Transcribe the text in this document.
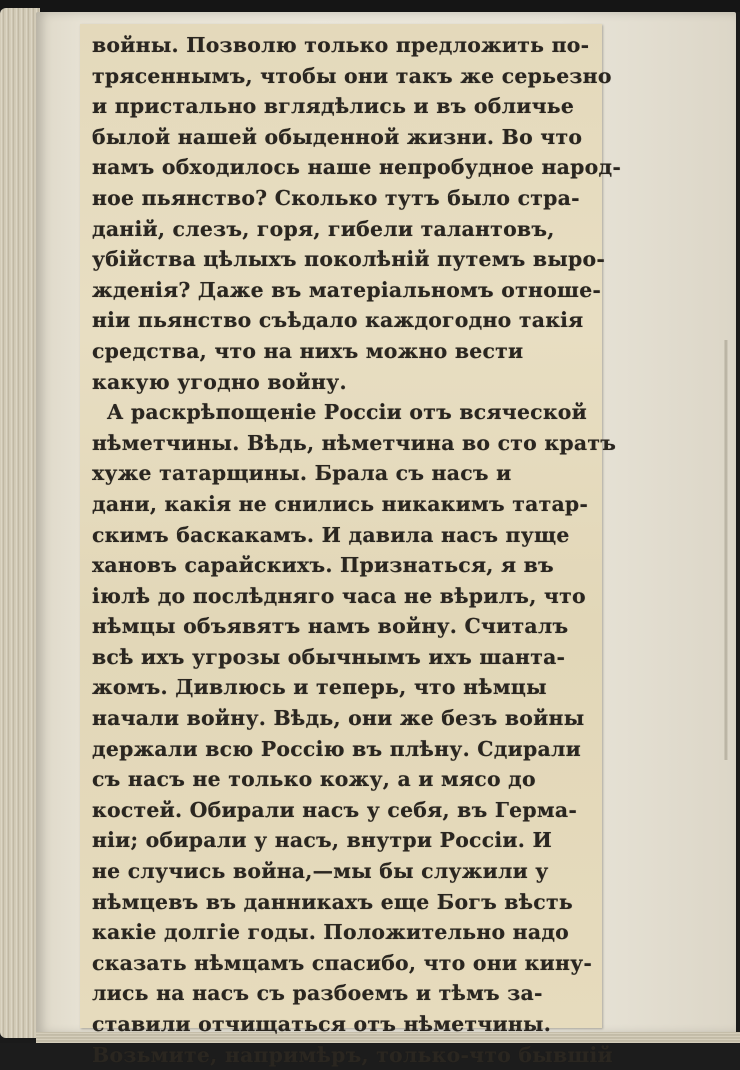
войны. Позволю только предложить по-
трясеннымъ, чтобы они такъ же серьезно
и пристально вглядѣлись и въ обличье
былой нашей обыденной жизни. Во что
намъ обходилось наше непробудное народ-
ное пьянство? Сколько тутъ было стра-
даній, слезъ, горя, гибели талантовъ,
убійства цѣлыхъ поколѣній путемъ выро-
жденія? Даже въ матеріальномъ отноше-
ніи пьянство съѣдало каждогодно такія
средства, что на нихъ можно вести
какую угодно войну.

А раскрѣпощеніе Россіи отъ всяческой
нѣметчины. Вѣдь, нѣметчина во сто кратъ
хуже татарщины. Брала съ насъ и
дани, какія не снились никакимъ татар-
скимъ баскакамъ. И давила насъ пуще
хановъ сарайскихъ. Признаться, я въ
іюлѣ до послѣдняго часа не вѣрилъ, что
нѣмцы объявятъ намъ войну. Считалъ
всѣ ихъ угрозы обычнымъ ихъ шанта-
жомъ. Дивлюсь и теперь, что нѣмцы
начали войну. Вѣдь, они же безъ войны
держали всю Россію въ плѣну. Сдирали
съ насъ не только кожу, а и мясо до
костей. Обирали насъ у себя, въ Герма-
ніи; обирали у насъ, внутри Россіи. И
не случись война,—мы бы служили у
нѣмцевъ въ данникахъ еще Богъ вѣсть
какіе долгіе годы. Положительно надо
сказать нѣмцамъ спасибо, что они кину-
лись на насъ съ разбоемъ и тѣмъ за-
ставили отчищаться отъ нѣметчины.
Возьмите, напримѣръ, только-что бывшій
